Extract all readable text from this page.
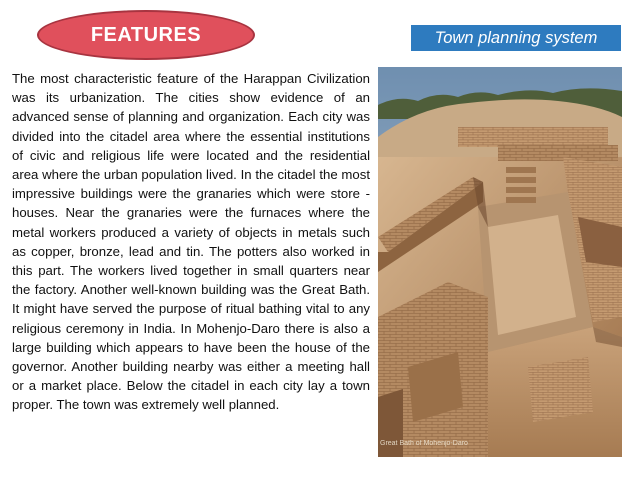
FEATURES	Town planning system

The most characteristic feature of the Harappan Civilization was its urbanization. The cities show evidence of an advanced sense of planning and organization. Each city was divided into the citadel area where the essential institutions of civic and religious life were located and the residential area where the urban population lived. In the citadel the most impressive buildings were the granaries which were store -houses. Near the granaries were the furnaces where the metal workers produced a variety of objects in metals such as copper, bronze, lead and tin. The potters also worked in this part. The workers lived together in small quarters near the factory. Another well-known building was the Great Bath. It might have served the purpose of ritual bathing vital to any religious ceremony in India. In Mohenjo-Daro there is also a large building which appears to have been the house of the governor. Another building nearby was either a meeting hall or a market place. Below the citadel in each city lay a town proper. The town was extremely well planned.

Great Bath of Mohenjo-Daro
